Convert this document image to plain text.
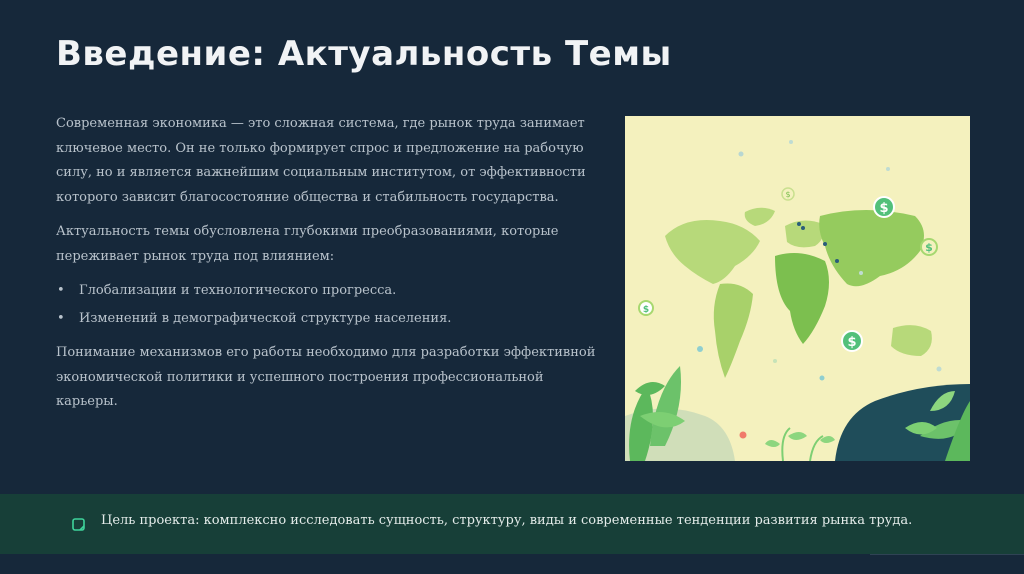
Введение: Актуальность Темы

Современная экономика — это сложная система, где рынок труда занимает ключевое место. Он не только формирует спрос и предложение на рабочую силу, но и является важнейшим социальным институтом, от эффективности которого зависит благосостояние общества и стабильность государства.

Актуальность темы обусловлена глубокими преобразованиями, которые переживает рынок труда под влиянием:

• Глобализации и технологического прогресса.
• Изменений в демографической структуре населения.

Понимание механизмов его работы необходимо для разработки эффективной экономической политики и успешного построения профессиональной карьеры.

$
$
$
$
$
Цель проекта: комплексно исследовать сущность, структуру, виды и современные тенденции развития рынка труда.
